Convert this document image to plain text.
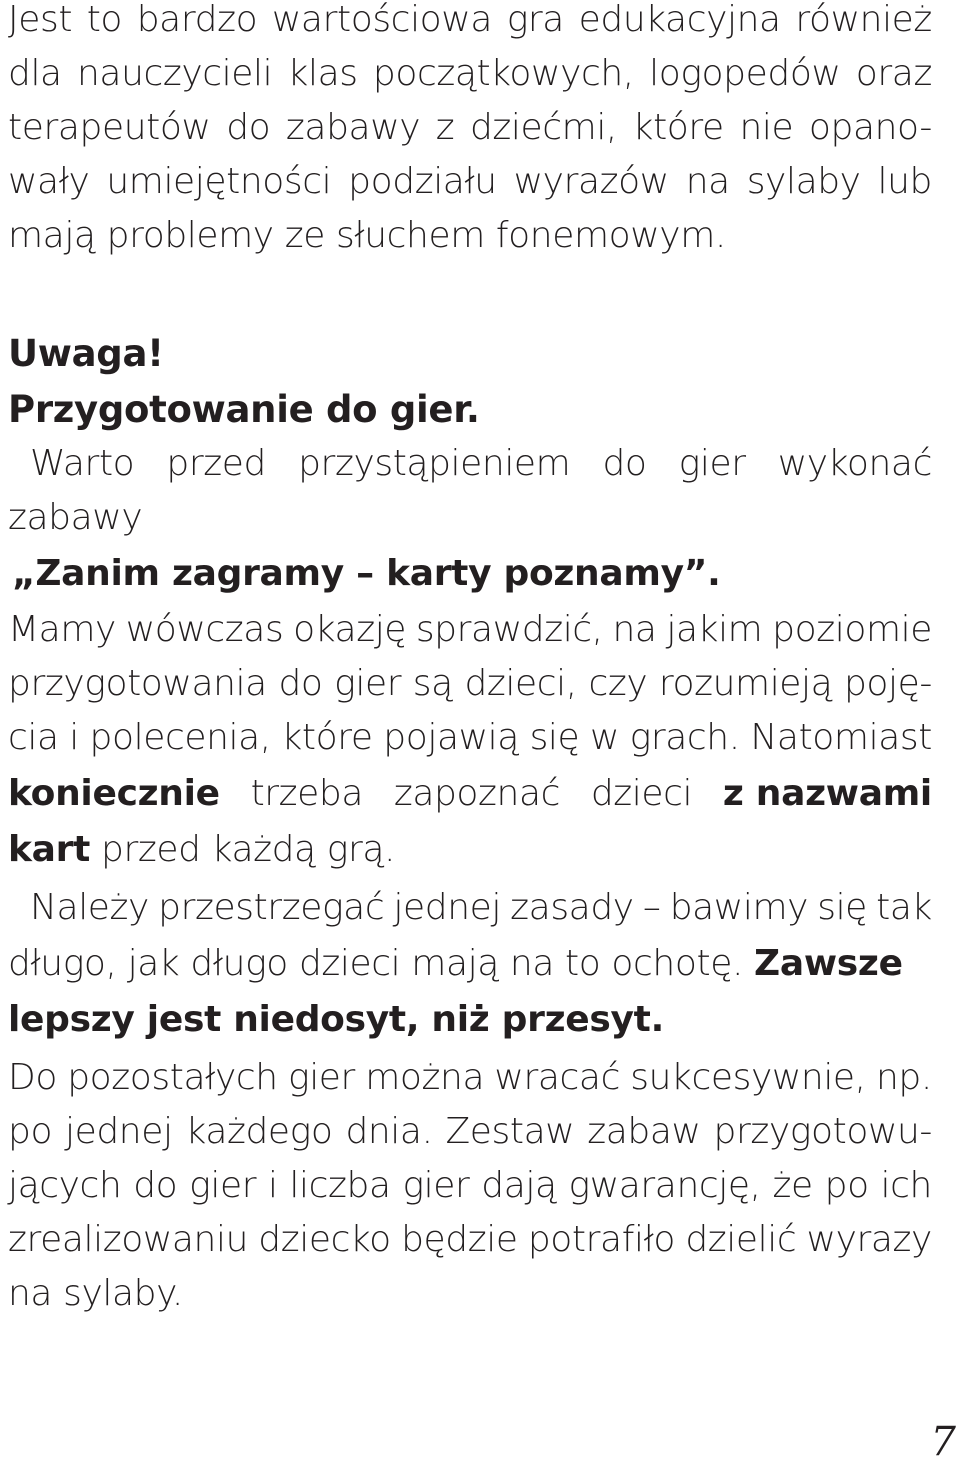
Jest to bardzo wartościowa gra edukacyjna również
dla nauczycieli klas początkowych, logopedów oraz
terapeutów do zabawy z dziećmi, które nie opano-
wały umiejętności podziału wyrazów na sylaby lub
mają problemy ze słuchem fonemowym.
Uwaga!
Przygotowanie do gier.
Warto przed przystąpieniem do gier wykonać
zabawy
„Zanim zagramy – karty poznamy”.
Mamy wówczas okazję sprawdzić, na jakim poziomie
przygotowania do gier są dzieci, czy rozumieją poję-
cia i polecenia, które pojawią się w grach. Natomiast
koniecznie trzeba zapoznać dzieci z nazwami
kart przed każdą grą.
Należy przestrzegać jednej zasady – bawimy się tak
długo, jak długo dzieci mają na to ochotę. Zawsze
lepszy jest niedosyt, niż przesyt.
Do pozostałych gier można wracać sukcesywnie, np.
po jednej każdego dnia. Zestaw zabaw przygotowu-
jących do gier i liczba gier dają gwarancję, że po ich
zrealizowaniu dziecko będzie potrafiło dzielić wyrazy
na sylaby.
7
